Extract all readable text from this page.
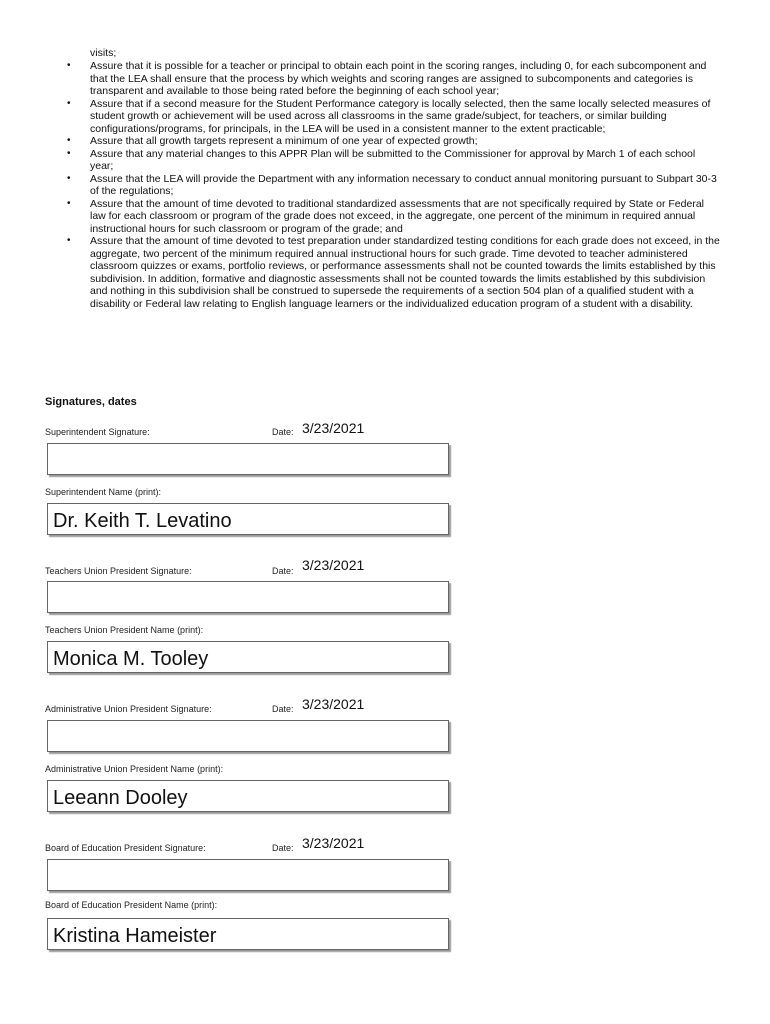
visits;
• Assure that it is possible for a teacher or principal to obtain each point in the scoring ranges, including 0, for each subcomponent and that the LEA shall ensure that the process by which weights and scoring ranges are assigned to subcomponents and categories is transparent and available to those being rated before the beginning of each school year;
• Assure that if a second measure for the Student Performance category is locally selected, then the same locally selected measures of student growth or achievement will be used across all classrooms in the same grade/subject, for teachers, or similar building configurations/programs, for principals, in the LEA will be used in a consistent manner to the extent practicable;
• Assure that all growth targets represent a minimum of one year of expected growth;
• Assure that any material changes to this APPR Plan will be submitted to the Commissioner for approval by March 1 of each school year;
• Assure that the LEA will provide the Department with any information necessary to conduct annual monitoring pursuant to Subpart 30-3 of the regulations;
• Assure that the amount of time devoted to traditional standardized assessments that are not specifically required by State or Federal law for each classroom or program of the grade does not exceed, in the aggregate, one percent of the minimum in required annual instructional hours for such classroom or program of the grade; and
• Assure that the amount of time devoted to test preparation under standardized testing conditions for each grade does not exceed, in the aggregate, two percent of the minimum required annual instructional hours for such grade. Time devoted to teacher administered classroom quizzes or exams, portfolio reviews, or performance assessments shall not be counted towards the limits established by this subdivision. In addition, formative and diagnostic assessments shall not be counted towards the limits established by this subdivision and nothing in this subdivision shall be construed to supersede the requirements of a section 504 plan of a qualified student with a disability or Federal law relating to English language learners or the individualized education program of a student with a disability.
Signatures, dates
Superintendent Signature:	Date: 3/23/2021
Superintendent Name (print):
Dr. Keith T. Levatino
Teachers Union President Signature:	Date: 3/23/2021
Teachers Union President Name (print):
Monica M. Tooley
Administrative Union President Signature:	Date: 3/23/2021
Administrative Union President Name (print):
Leeann Dooley
Board of Education President Signature:	Date: 3/23/2021
Board of Education President Name (print):
Kristina Hameister
